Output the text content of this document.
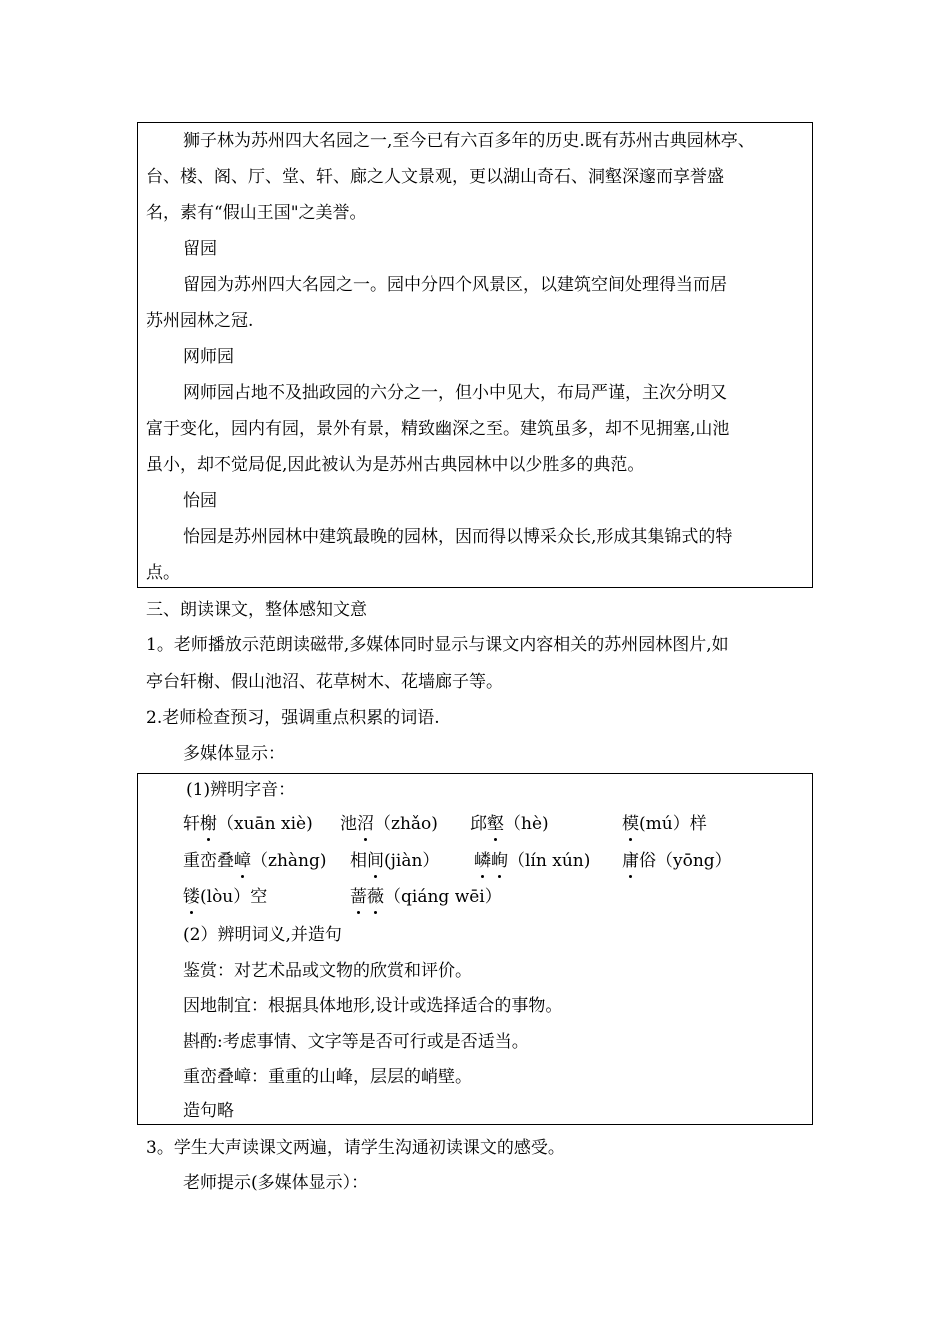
狮子林为苏州四大名园之一,至今已有六百多年的历史.既有苏州古典园林亭、
台、楼、阁、厅、堂、轩、廊之人文景观，更以湖山奇石、洞壑深邃而享誉盛
名，素有“假山王国"之美誉。
留园
留园为苏州四大名园之一。园中分四个风景区，以建筑空间处理得当而居
苏州园林之冠.
网师园
网师园占地不及拙政园的六分之一，但小中见大，布局严谨，主次分明又
富于变化，园内有园，景外有景，精致幽深之至。建筑虽多，却不见拥塞,山池
虽小，却不觉局促,因此被认为是苏州古典园林中以少胜多的典范。
怡园
怡园是苏州园林中建筑最晚的园林，因而得以博采众长,形成其集锦式的特
点。
三、朗读课文，整体感知文意
1。老师播放示范朗读磁带,多媒体同时显示与课文内容相关的苏州园林图片,如
亭台轩榭、假山池沼、花草树木、花墙廊子等。
2.老师检查预习，强调重点积累的词语.
多媒体显示：
(1)辨明字音：
轩榭（xuān xiè) 池沼（zhǎo) 邱壑（hè)	模(mú）样
重峦叠嶂（zhàng) 相间(jiàn） 嶙峋（lín xún) 庸俗（yōng）
镂(lòu）空	蔷薇（qiáng wēi）
(2）辨明词义,并造句
鉴赏：对艺术品或文物的欣赏和评价。
因地制宜：根据具体地形,设计或选择适合的事物。
斟酌:考虑事情、文字等是否可行或是否适当。
重峦叠嶂：重重的山峰，层层的峭壁。
造句略
3。学生大声读课文两遍，请学生沟通初读课文的感受。
老师提示(多媒体显示）：
